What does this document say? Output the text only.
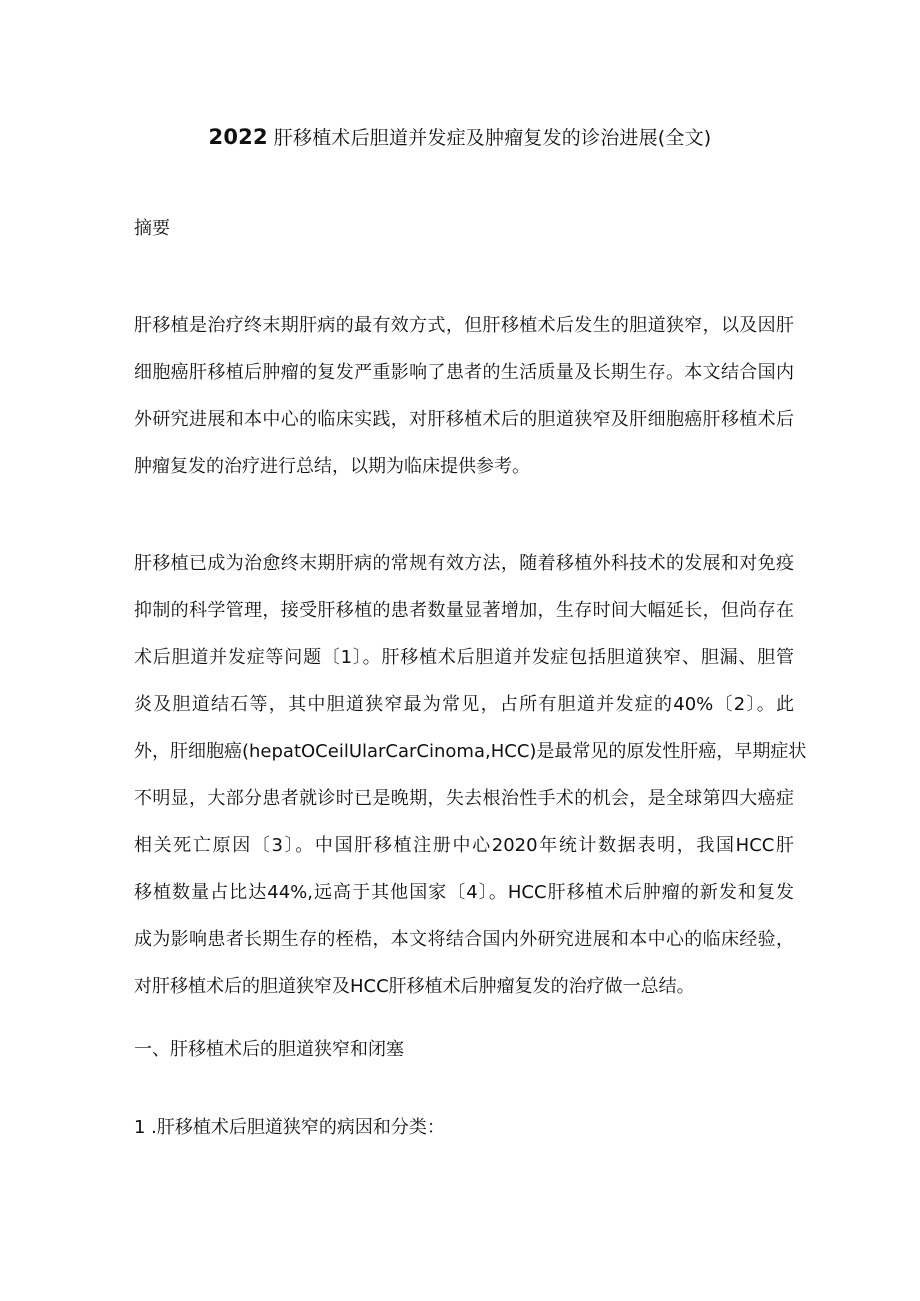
2022 肝移植术后胆道并发症及肿瘤复发的诊治进展(全文)
摘要
肝移植是治疗终末期肝病的最有效方式，但肝移植术后发生的胆道狭窄，以及因肝
细胞癌肝移植后肿瘤的复发严重影响了患者的生活质量及长期生存。本文结合国内
外研究进展和本中心的临床实践，对肝移植术后的胆道狭窄及肝细胞癌肝移植术后
肿瘤复发的治疗进行总结，以期为临床提供参考。
肝移植已成为治愈终末期肝病的常规有效方法，随着移植外科技术的发展和对免疫
抑制的科学管理，接受肝移植的患者数量显著增加，生存时间大幅延长，但尚存在
术后胆道并发症等问题〔1〕。肝移植术后胆道并发症包括胆道狭窄、胆漏、胆管
炎及胆道结石等，其中胆道狭窄最为常见，占所有胆道并发症的40%〔2〕。此
外，肝细胞癌(hepatOCeilUlarCarCinoma,HCC)是最常见的原发性肝癌，早期症状
不明显，大部分患者就诊时已是晚期，失去根治性手术的机会，是全球第四大癌症
相关死亡原因〔3〕。中国肝移植注册中心2020年统计数据表明，我国HCC肝
移植数量占比达44%,远高于其他国家〔4〕。HCC肝移植术后肿瘤的新发和复发
成为影响患者长期生存的桎梏，本文将结合国内外研究进展和本中心的临床经验，
对肝移植术后的胆道狭窄及HCC肝移植术后肿瘤复发的治疗做一总结。
一、肝移植术后的胆道狭窄和闭塞
1 .肝移植术后胆道狭窄的病因和分类：
